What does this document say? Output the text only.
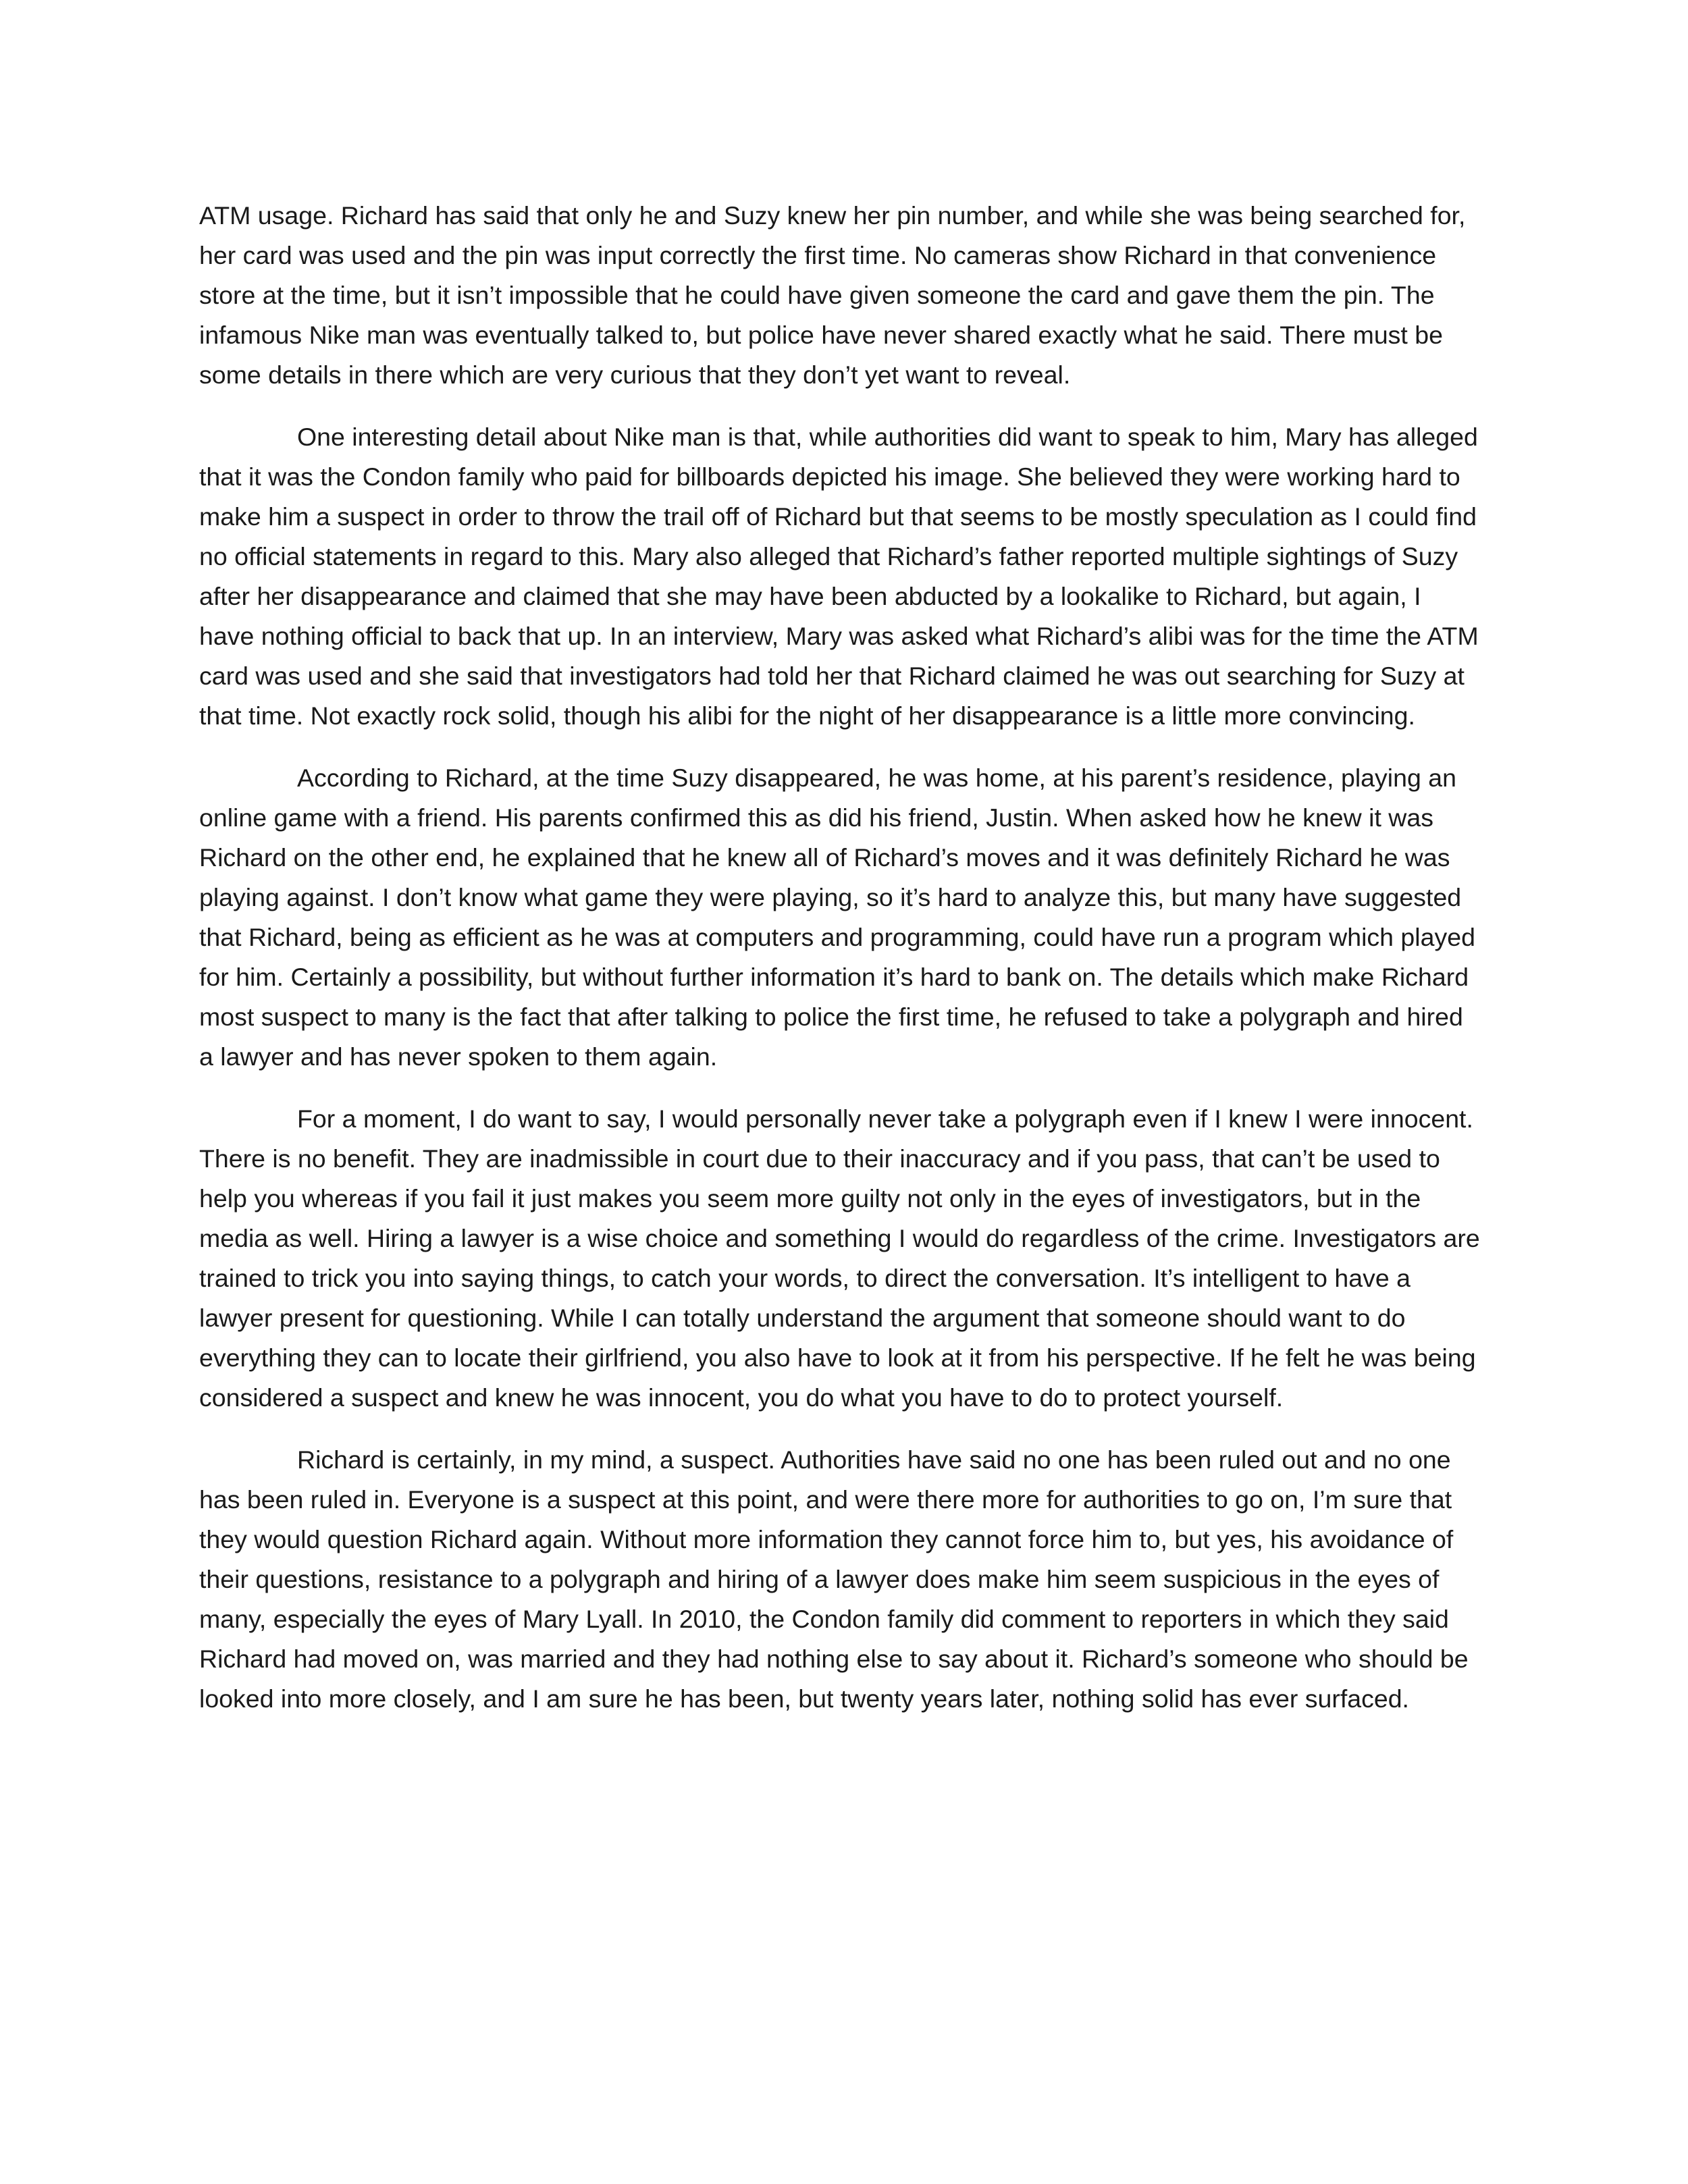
ATM usage. Richard has said that only he and Suzy knew her pin number, and while she was being searched for, her card was used and the pin was input correctly the first time. No cameras show Richard in that convenience store at the time, but it isn’t impossible that he could have given someone the card and gave them the pin. The infamous Nike man was eventually talked to, but police have never shared exactly what he said. There must be some details in there which are very curious that they don’t yet want to reveal.

One interesting detail about Nike man is that, while authorities did want to speak to him, Mary has alleged that it was the Condon family who paid for billboards depicted his image. She believed they were working hard to make him a suspect in order to throw the trail off of Richard but that seems to be mostly speculation as I could find no official statements in regard to this. Mary also alleged that Richard’s father reported multiple sightings of Suzy after her disappearance and claimed that she may have been abducted by a lookalike to Richard, but again, I have nothing official to back that up. In an interview, Mary was asked what Richard’s alibi was for the time the ATM card was used and she said that investigators had told her that Richard claimed he was out searching for Suzy at that time. Not exactly rock solid, though his alibi for the night of her disappearance is a little more convincing.

According to Richard, at the time Suzy disappeared, he was home, at his parent’s residence, playing an online game with a friend. His parents confirmed this as did his friend, Justin. When asked how he knew it was Richard on the other end, he explained that he knew all of Richard’s moves and it was definitely Richard he was playing against. I don’t know what game they were playing, so it’s hard to analyze this, but many have suggested that Richard, being as efficient as he was at computers and programming, could have run a program which played for him. Certainly a possibility, but without further information it’s hard to bank on. The details which make Richard most suspect to many is the fact that after talking to police the first time, he refused to take a polygraph and hired a lawyer and has never spoken to them again.

For a moment, I do want to say, I would personally never take a polygraph even if I knew I were innocent. There is no benefit. They are inadmissible in court due to their inaccuracy and if you pass, that can’t be used to help you whereas if you fail it just makes you seem more guilty not only in the eyes of investigators, but in the media as well. Hiring a lawyer is a wise choice and something I would do regardless of the crime. Investigators are trained to trick you into saying things, to catch your words, to direct the conversation. It’s intelligent to have a lawyer present for questioning. While I can totally understand the argument that someone should want to do everything they can to locate their girlfriend, you also have to look at it from his perspective. If he felt he was being considered a suspect and knew he was innocent, you do what you have to do to protect yourself.

Richard is certainly, in my mind, a suspect. Authorities have said no one has been ruled out and no one has been ruled in. Everyone is a suspect at this point, and were there more for authorities to go on, I’m sure that they would question Richard again. Without more information they cannot force him to, but yes, his avoidance of their questions, resistance to a polygraph and hiring of a lawyer does make him seem suspicious in the eyes of many, especially the eyes of Mary Lyall. In 2010, the Condon family did comment to reporters in which they said Richard had moved on, was married and they had nothing else to say about it. Richard’s someone who should be looked into more closely, and I am sure he has been, but twenty years later, nothing solid has ever surfaced.
